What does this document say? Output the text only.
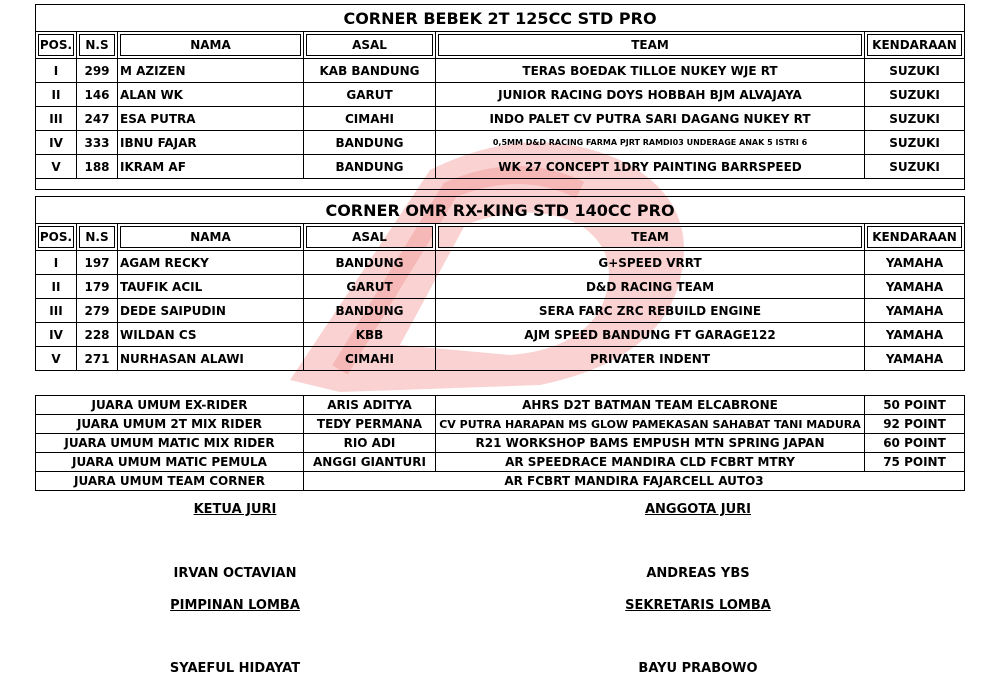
CORNER BEBEK 2T 125CC STD PRO					
POS.	N.S	NAMA	ASAL	TEAM	KENDARAAN
I	299	M AZIZEN	KAB BANDUNG	TERAS BOEDAK TILLOE NUKEY WJE RT	SUZUKI
II	146	ALAN WK	GARUT	JUNIOR RACING DOYS HOBBAH BJM ALVAJAYA	SUZUKI
III	247	ESA PUTRA	CIMAHI	INDO PALET CV PUTRA SARI DAGANG NUKEY RT	SUZUKI
IV	333	IBNU FAJAR	BANDUNG	0,5MM D&D RACING FARMA PJRT RAMDI03 UNDERAGE ANAK 5 ISTRI 6	SUZUKI
V	188	IKRAM AF	BANDUNG	WK 27 CONCEPT 1DRY PAINTING BARRSPEED	SUZUKI

CORNER OMR RX-KING STD 140CC PRO					
POS.	N.S	NAMA	ASAL	TEAM	KENDARAAN
I	197	AGAM RECKY	BANDUNG	G+SPEED VRRT	YAMAHA
II	179	TAUFIK ACIL	GARUT	D&D RACING TEAM	YAMAHA
III	279	DEDE SAIPUDIN	BANDUNG	SERA FARC ZRC REBUILD ENGINE	YAMAHA
IV	228	WILDAN CS	KBB	AJM SPEED BANDUNG FT GARAGE122	YAMAHA
V	271	NURHASAN ALAWI	CIMAHI	PRIVATER INDENT	YAMAHA
JUARA UMUM EX-RIDER	ARIS ADITYA	AHRS D2T BATMAN TEAM ELCABRONE	50 POINT
JUARA UMUM 2T MIX RIDER	TEDY PERMANA	CV PUTRA HARAPAN MS GLOW PAMEKASAN SAHABAT TANI MADURA	92 POINT
JUARA UMUM MATIC MIX RIDER	RIO ADI	R21 WORKSHOP BAMS EMPUSH MTN SPRING JAPAN	60 POINT
JUARA UMUM MATIC PEMULA	ANGGI GIANTURI	AR SPEEDRACE MANDIRA CLD FCBRT MTRY	75 POINT
JUARA UMUM TEAM CORNER	AR FCBRT MANDIRA FAJARCELL AUTO3		
KETUA JURI	ANGGOTA JURI
IRVAN OCTAVIAN	ANDREAS YBS
PIMPINAN LOMBA	SEKRETARIS LOMBA
SYAEFUL HIDAYAT	BAYU PRABOWO
